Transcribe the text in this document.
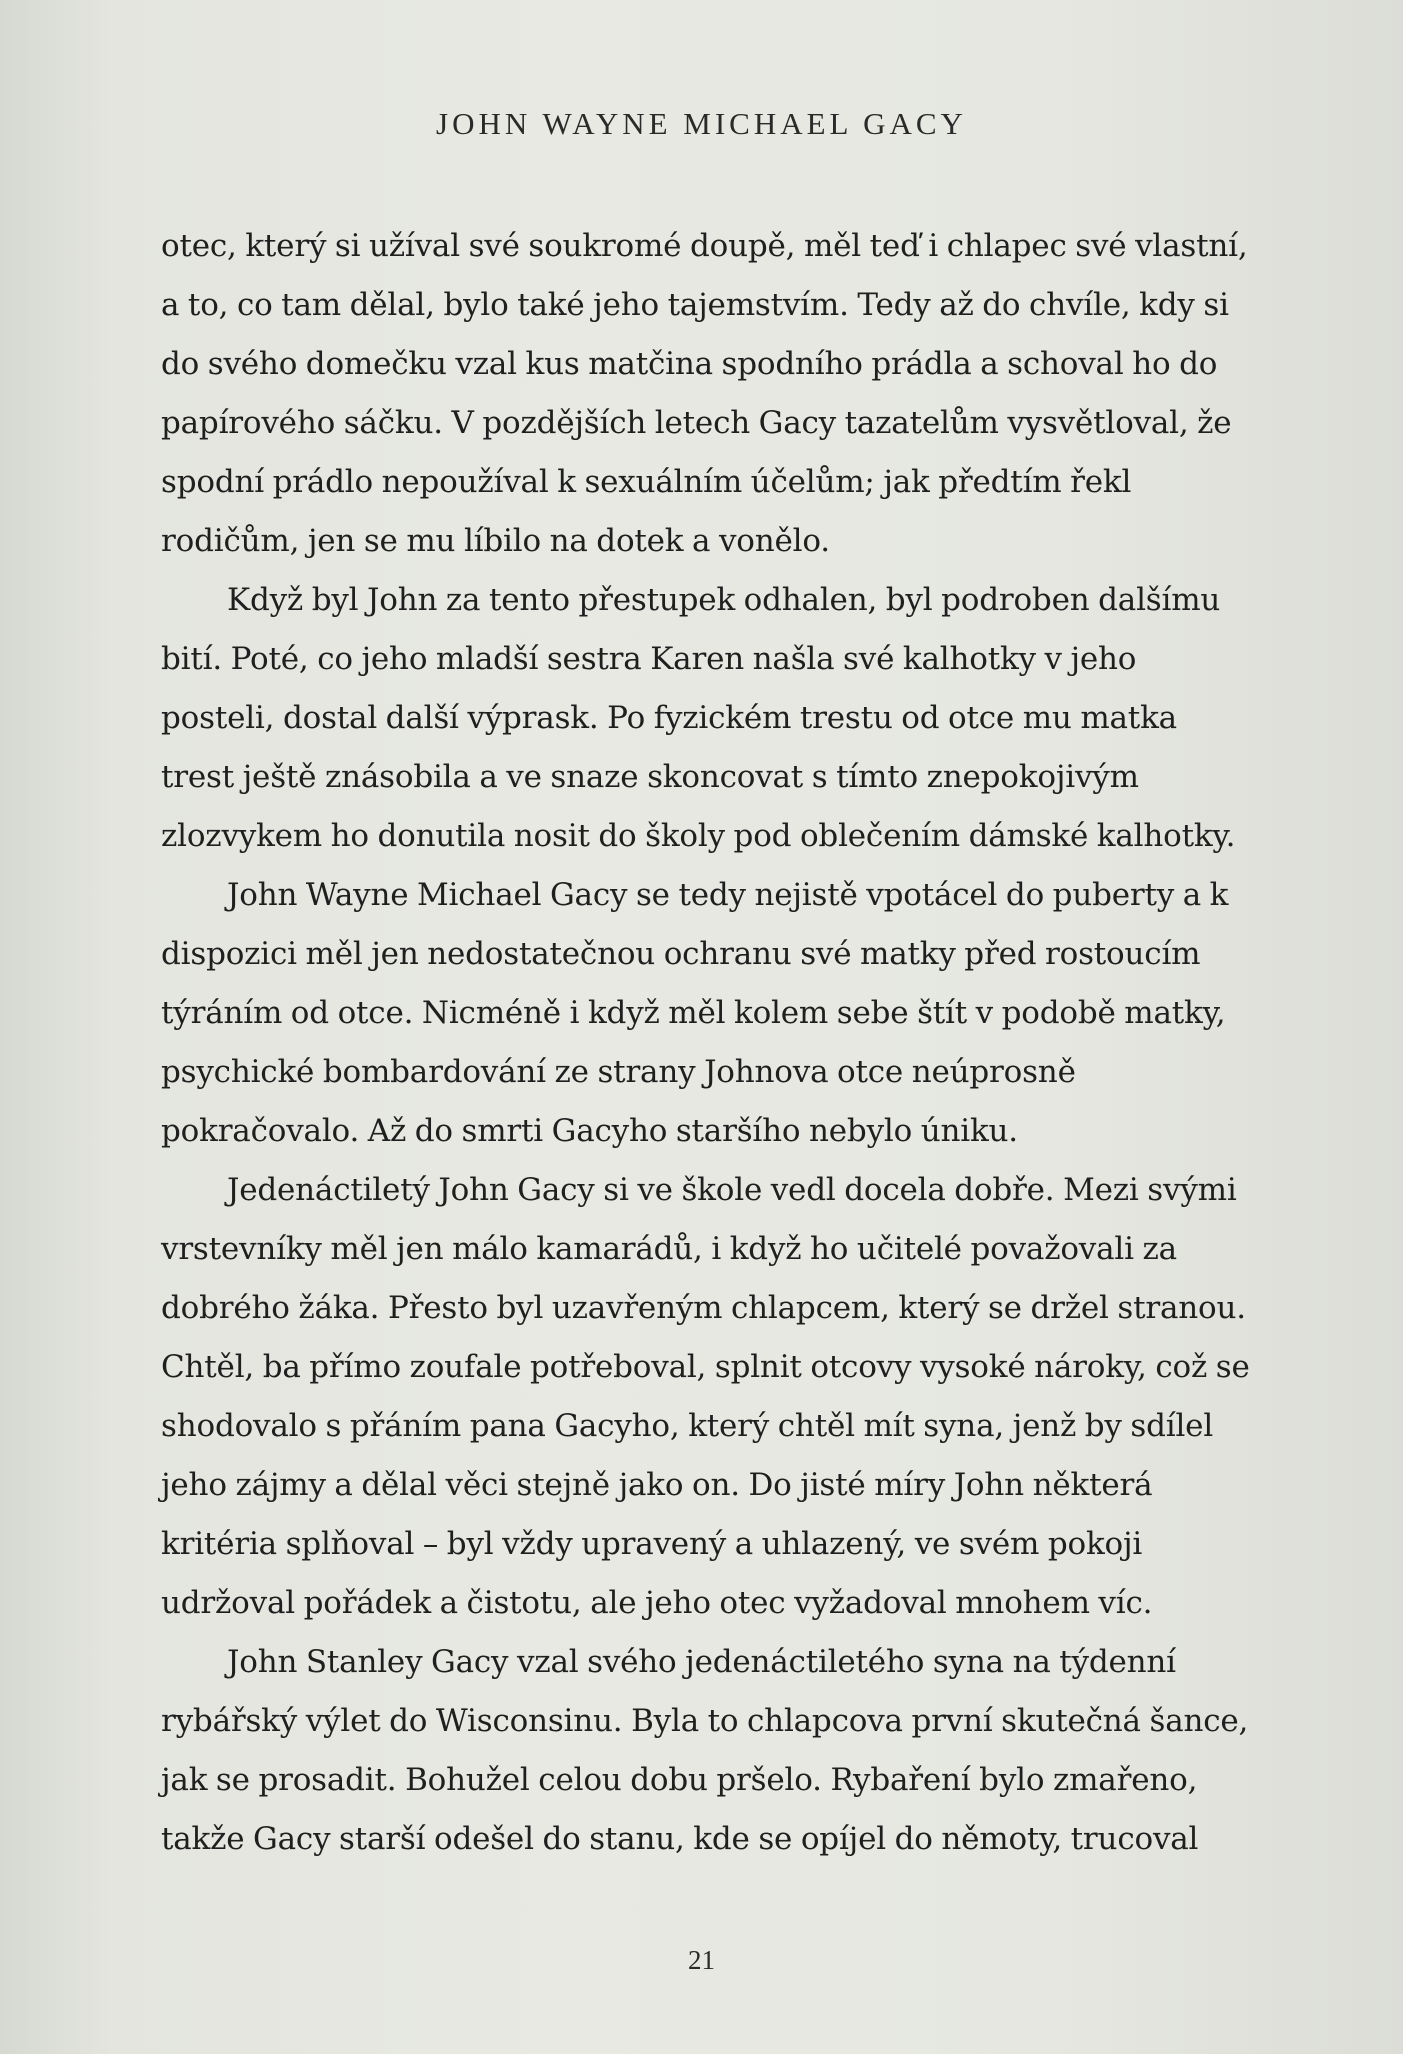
JOHN WAYNE MICHAEL GACY

otec, který si užíval své soukromé doupě, měl teď i chlapec své vlastní, a to, co tam dělal, bylo také jeho tajemstvím. Tedy až do chvíle, kdy si do svého domečku vzal kus matčina spodního prádla a schoval ho do papírového sáčku. V pozdějších letech Gacy tazatelům vysvětloval, že spodní prádlo nepoužíval k sexuálním účelům; jak předtím řekl rodičům, jen se mu líbilo na dotek a vonělo.

Když byl John za tento přestupek odhalen, byl podroben dalšímu bití. Poté, co jeho mladší sestra Karen našla své kalhotky v jeho posteli, dostal další výprask. Po fyzickém trestu od otce mu matka trest ještě znásobila a ve snaze skoncovat s tímto znepokojivým zlozvykem ho donutila nosit do školy pod oblečením dámské kalhotky.

John Wayne Michael Gacy se tedy nejistě vpotácel do puberty a k dispozici měl jen nedostatečnou ochranu své matky před rostoucím týráním od otce. Nicméně i když měl kolem sebe štít v podobě matky, psychické bombardování ze strany Johnova otce neúprosně pokračovalo. Až do smrti Gacyho staršího nebylo úniku.

Jedenáctiletý John Gacy si ve škole vedl docela dobře. Mezi svými vrstevníky měl jen málo kamarádů, i když ho učitelé považovali za dobrého žáka. Přesto byl uzavřeným chlapcem, který se držel stranou. Chtěl, ba přímo zoufale potřeboval, splnit otcovy vysoké nároky, což se shodovalo s přáním pana Gacyho, který chtěl mít syna, jenž by sdílel jeho zájmy a dělal věci stejně jako on. Do jisté míry John některá kritéria splňoval – byl vždy upravený a uhlazený, ve svém pokoji udržoval pořádek a čistotu, ale jeho otec vyžadoval mnohem víc.

John Stanley Gacy vzal svého jedenáctiletého syna na týdenní rybářský výlet do Wisconsinu. Byla to chlapcova první skutečná šance, jak se prosadit. Bohužel celou dobu pršelo. Rybaření bylo zmařeno, takže Gacy starší odešel do stanu, kde se opíjel do němoty, trucoval

21
